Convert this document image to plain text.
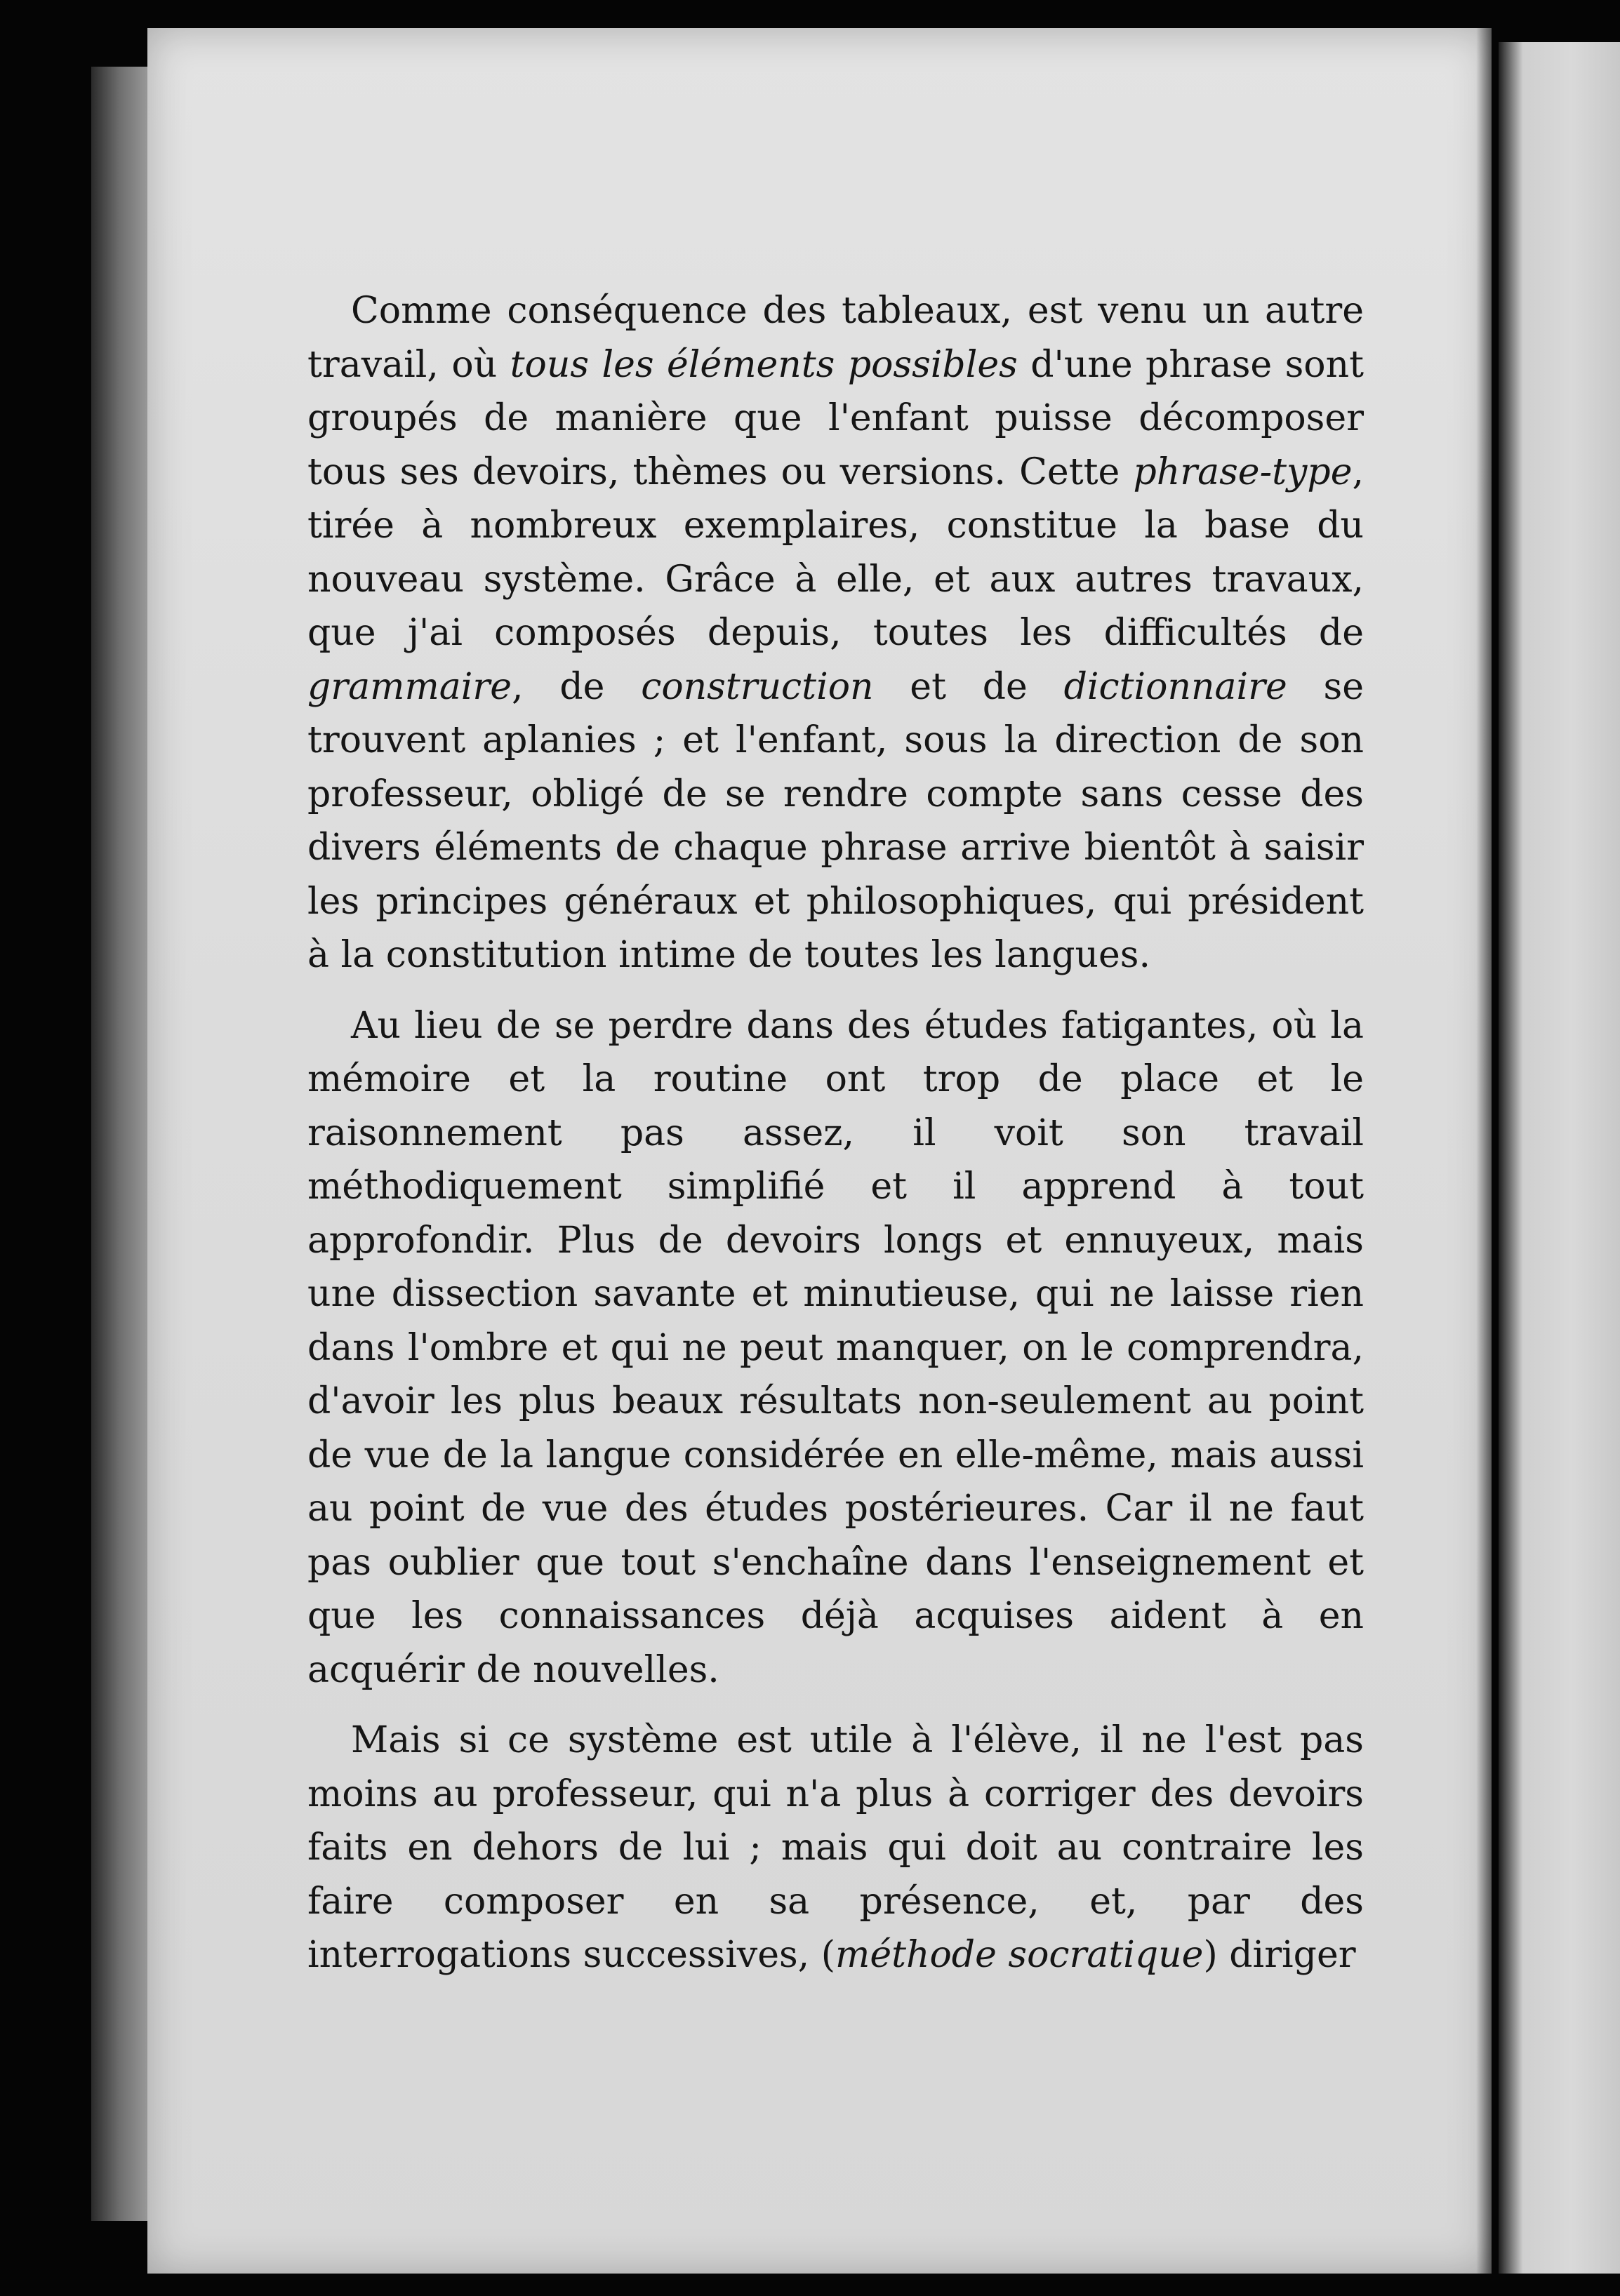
Comme conséquence des tableaux, est venu un autre travail, où tous les éléments possibles d'une phrase sont groupés de manière que l'enfant puisse décomposer tous ses devoirs, thèmes ou versions. Cette phrase-type, tirée à nombreux exemplaires, constitue la base du nouveau système. Grâce à elle, et aux autres travaux, que j'ai composés depuis, toutes les difficultés de grammaire, de construction et de dictionnaire se trouvent aplanies ; et l'enfant, sous la direction de son professeur, obligé de se rendre compte sans cesse des divers éléments de chaque phrase arrive bientôt à saisir les principes généraux et philosophiques, qui président à la constitution intime de toutes les langues.

Au lieu de se perdre dans des études fatigantes, où la mémoire et la routine ont trop de place et le raisonnement pas assez, il voit son travail méthodiquement simplifié et il apprend à tout approfondir. Plus de devoirs longs et ennuyeux, mais une dissection savante et minutieuse, qui ne laisse rien dans l'ombre et qui ne peut manquer, on le comprendra, d'avoir les plus beaux résultats non-seulement au point de vue de la langue considérée en elle-même, mais aussi au point de vue des études postérieures. Car il ne faut pas oublier que tout s'enchaîne dans l'enseignement et que les connaissances déjà acquises aident à en acquérir de nouvelles.

Mais si ce système est utile à l'élève, il ne l'est pas moins au professeur, qui n'a plus à corriger des devoirs faits en dehors de lui ; mais qui doit au contraire les faire composer en sa présence, et, par des interrogations successives, (méthode socratique) diriger
